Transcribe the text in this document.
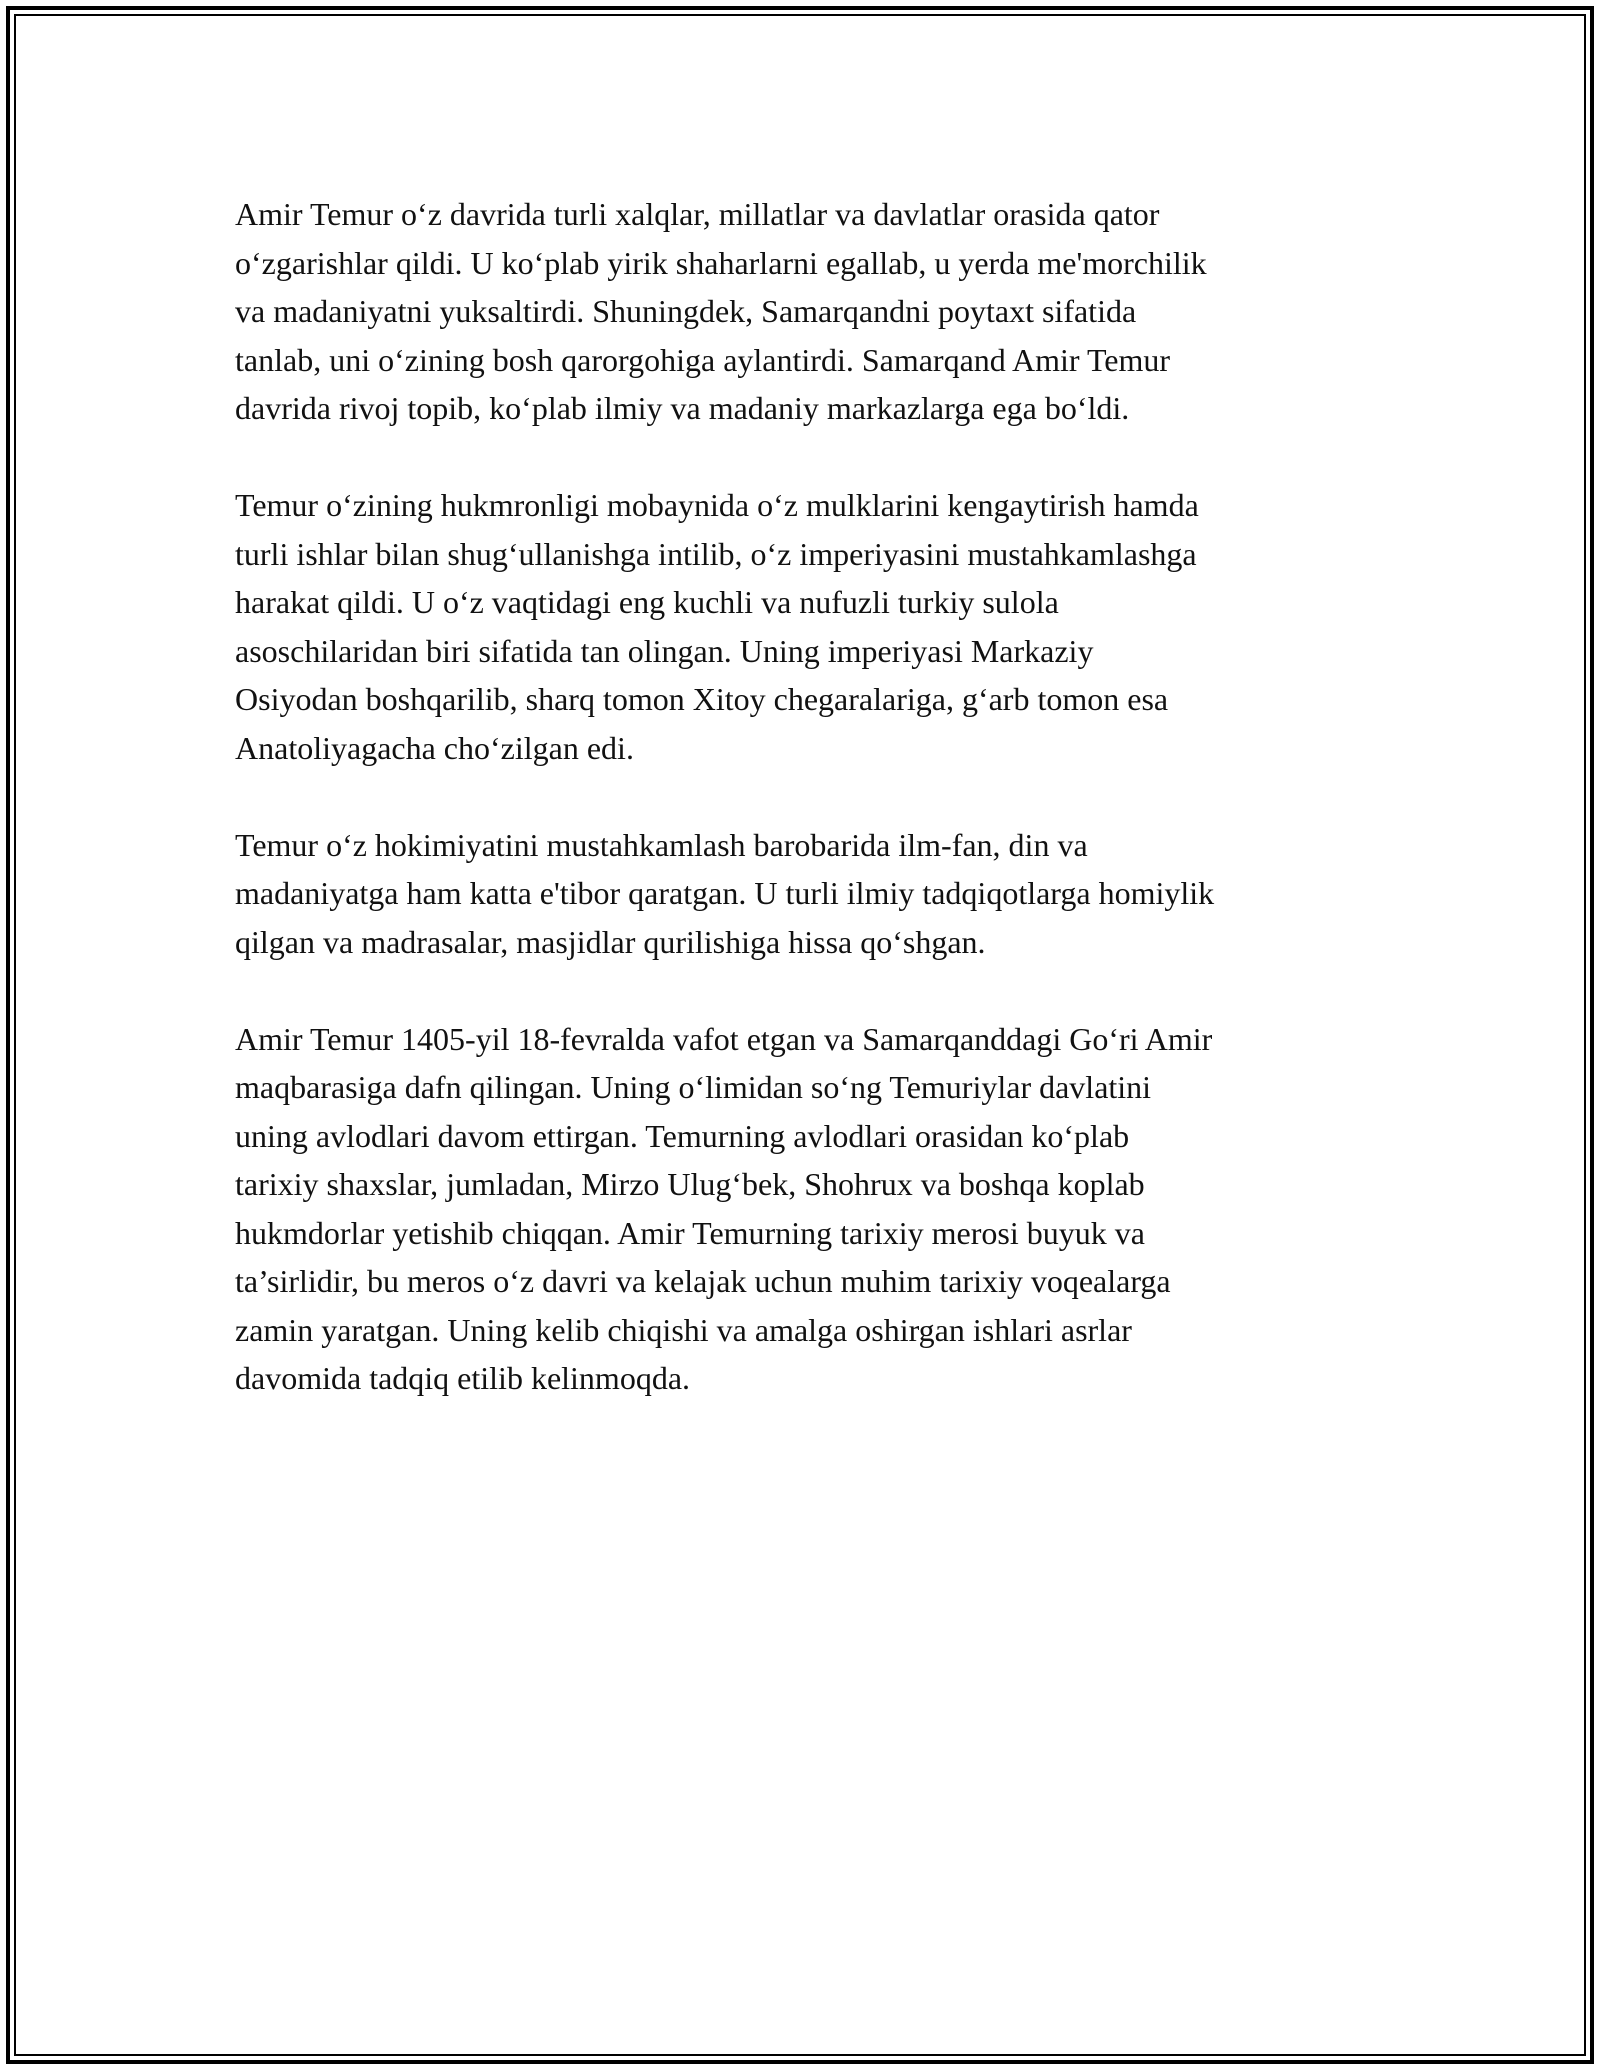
Amir Temur o‘z davrida turli xalqlar, millatlar va davlatlar orasida qator
o‘zgarishlar qildi. U ko‘plab yirik shaharlarni egallab, u yerda me'morchilik
va madaniyatni yuksaltirdi. Shuningdek, Samarqandni poytaxt sifatida
tanlab, uni o‘zining bosh qarorgohiga aylantirdi. Samarqand Amir Temur
davrida rivoj topib, ko‘plab ilmiy va madaniy markazlarga ega bo‘ldi.

Temur o‘zining hukmronligi mobaynida o‘z mulklarini kengaytirish hamda
turli ishlar bilan shug‘ullanishga intilib, o‘z imperiyasini mustahkamlashga
harakat qildi. U o‘z vaqtidagi eng kuchli va nufuzli turkiy sulola
asoschilaridan biri sifatida tan olingan. Uning imperiyasi Markaziy
Osiyodan boshqarilib, sharq tomon Xitoy chegaralariga, g‘arb tomon esa
Anatoliyagacha cho‘zilgan edi.

Temur o‘z hokimiyatini mustahkamlash barobarida ilm-fan, din va
madaniyatga ham katta e'tibor qaratgan. U turli ilmiy tadqiqotlarga homiylik
qilgan va madrasalar, masjidlar qurilishiga hissa qo‘shgan.

Amir Temur 1405-yil 18-fevralda vafot etgan va Samarqanddagi Go‘ri Amir
maqbarasiga dafn qilingan. Uning o‘limidan so‘ng Temuriylar davlatini
uning avlodlari davom ettirgan. Temurning avlodlari orasidan ko‘plab
tarixiy shaxslar, jumladan, Mirzo Ulug‘bek, Shohrux va boshqa koplab
hukmdorlar yetishib chiqqan. Amir Temurning tarixiy merosi buyuk va
ta’sirlidir, bu meros o‘z davri va kelajak uchun muhim tarixiy voqealarga
zamin yaratgan. Uning kelib chiqishi va amalga oshirgan ishlari asrlar
davomida tadqiq etilib kelinmoqda.
